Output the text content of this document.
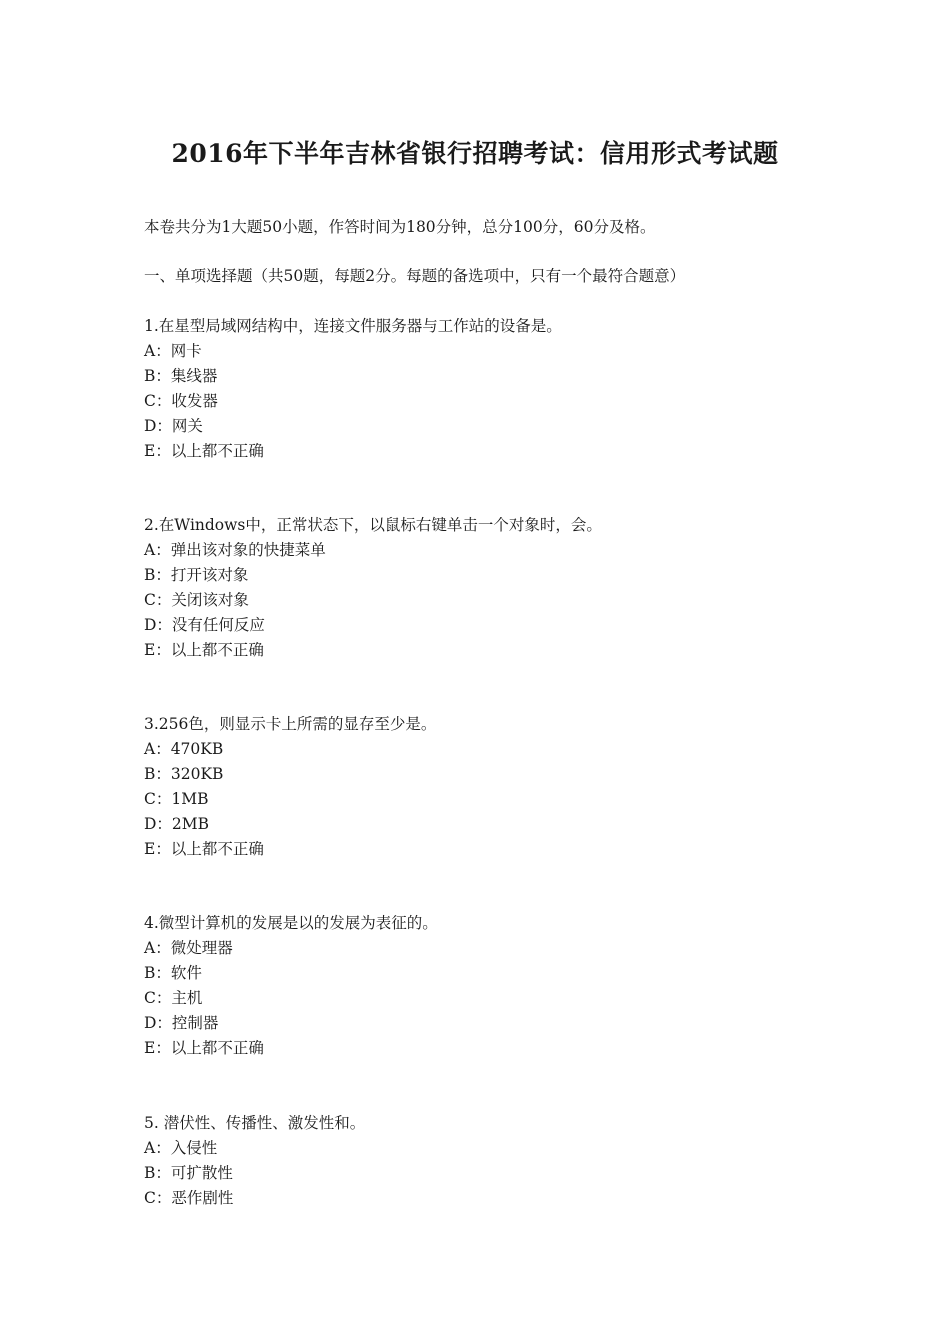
2016年下半年吉林省银行招聘考试：信用形式考试题
本卷共分为1大题50小题，作答时间为180分钟，总分100分，60分及格。
一、单项选择题（共50题，每题2分。每题的备选项中，只有一个最符合题意）
1.在星型局域网结构中，连接文件服务器与工作站的设备是。
A：网卡
B：集线器
C：收发器
D：网关
E：以上都不正确
2.在Windows中，正常状态下，以鼠标右键单击一个对象时，会。
A：弹出该对象的快捷菜单
B：打开该对象
C：关闭该对象
D：没有任何反应
E：以上都不正确
3.256色，则显示卡上所需的显存至少是。
A：470KB
B：320KB
C：1MB
D：2MB
E：以上都不正确
4.微型计算机的发展是以的发展为表征的。
A：微处理器
B：软件
C：主机
D：控制器
E：以上都不正确
5. 潜伏性、传播性、激发性和。
A：入侵性
B：可扩散性
C：恶作剧性
